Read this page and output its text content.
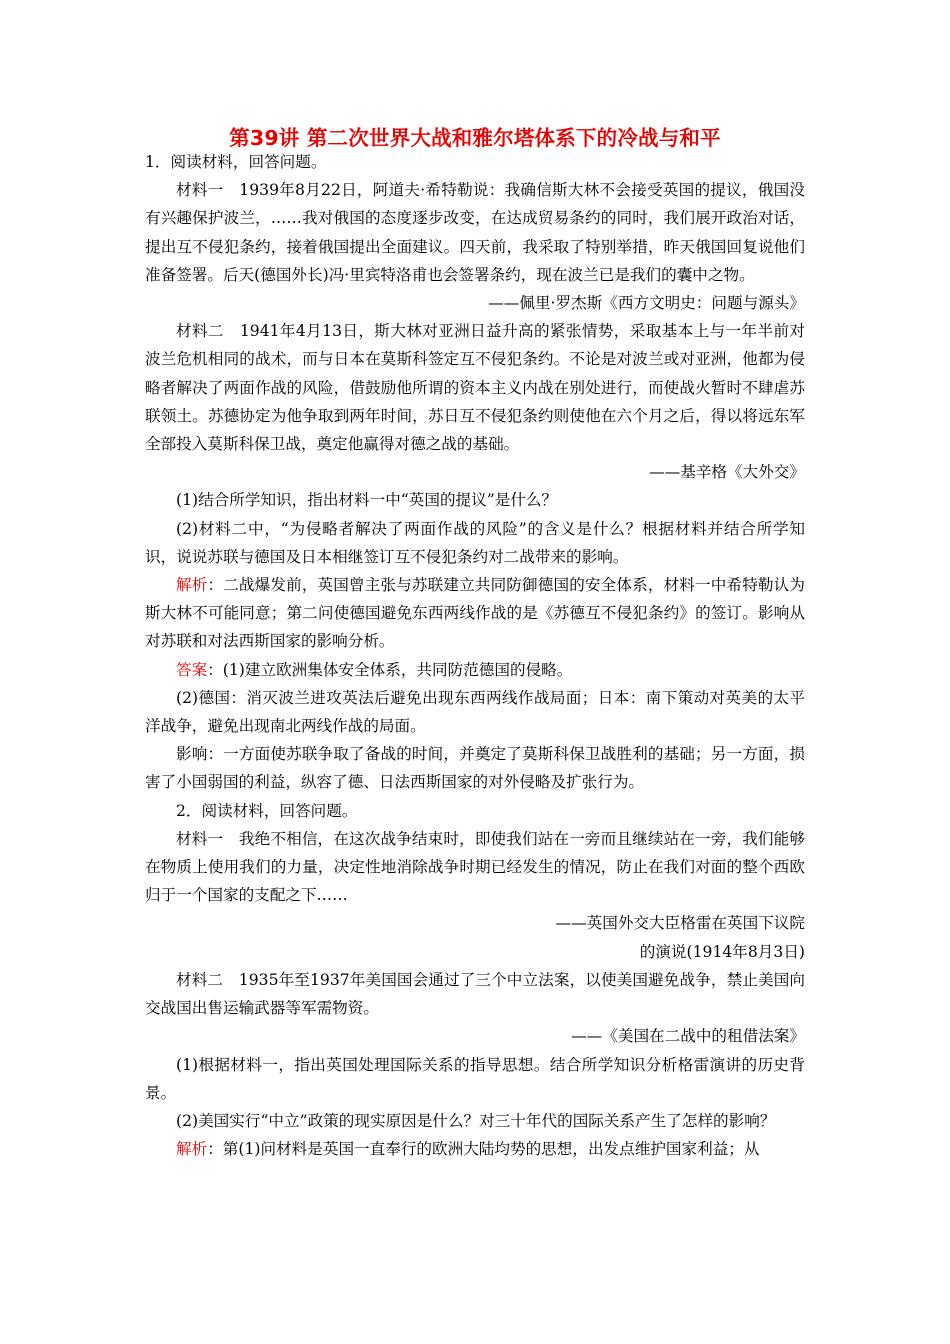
第39讲 第二次世界大战和雅尔塔体系下的冷战与和平

1．阅读材料，回答问题。

材料一　1939年8月22日，阿道夫·希特勒说：我确信斯大林不会接受英国的提议，俄国没有兴趣保护波兰，……我对俄国的态度逐步改变，在达成贸易条约的同时，我们展开政治对话，提出互不侵犯条约，接着俄国提出全面建议。四天前，我采取了特别举措，昨天俄国回复说他们准备签署。后天(德国外长)冯·里宾特洛甫也会签署条约，现在波兰已是我们的囊中之物。

——佩里·罗杰斯《西方文明史：问题与源头》

材料二　1941年4月13日，斯大林对亚洲日益升高的紧张情势，采取基本上与一年半前对波兰危机相同的战术，而与日本在莫斯科签定互不侵犯条约。不论是对波兰或对亚洲，他都为侵略者解决了两面作战的风险，借鼓励他所谓的资本主义内战在别处进行，而使战火暂时不肆虐苏联领土。苏德协定为他争取到两年时间，苏日互不侵犯条约则使他在六个月之后，得以将远东军全部投入莫斯科保卫战，奠定他赢得对德之战的基础。

——基辛格《大外交》

(1)结合所学知识，指出材料一中“英国的提议”是什么？

(2)材料二中，“为侵略者解决了两面作战的风险”的含义是什么？根据材料并结合所学知识，说说苏联与德国及日本相继签订互不侵犯条约对二战带来的影响。

解析：二战爆发前，英国曾主张与苏联建立共同防御德国的安全体系，材料一中希特勒认为斯大林不可能同意；第二问使德国避免东西两线作战的是《苏德互不侵犯条约》的签订。影响从对苏联和对法西斯国家的影响分析。

答案：(1)建立欧洲集体安全体系，共同防范德国的侵略。

(2)德国：消灭波兰进攻英法后避免出现东西两线作战局面；日本：南下策动对英美的太平洋战争，避免出现南北两线作战的局面。

影响：一方面使苏联争取了备战的时间，并奠定了莫斯科保卫战胜利的基础；另一方面，损害了小国弱国的利益，纵容了德、日法西斯国家的对外侵略及扩张行为。

2．阅读材料，回答问题。

材料一　我绝不相信，在这次战争结束时，即使我们站在一旁而且继续站在一旁，我们能够在物质上使用我们的力量，决定性地消除战争时期已经发生的情况，防止在我们对面的整个西欧归于一个国家的支配之下……

——英国外交大臣格雷在英国下议院

的演说(1914年8月3日)

材料二　1935年至1937年美国国会通过了三个中立法案，以使美国避免战争，禁止美国向交战国出售运输武器等军需物资。

——《美国在二战中的租借法案》

(1)根据材料一，指出英国处理国际关系的指导思想。结合所学知识分析格雷演讲的历史背景。

(2)美国实行“中立”政策的现实原因是什么？对三十年代的国际关系产生了怎样的影响？

解析：第(1)问材料是英国一直奉行的欧洲大陆均势的思想，出发点维护国家利益；从
